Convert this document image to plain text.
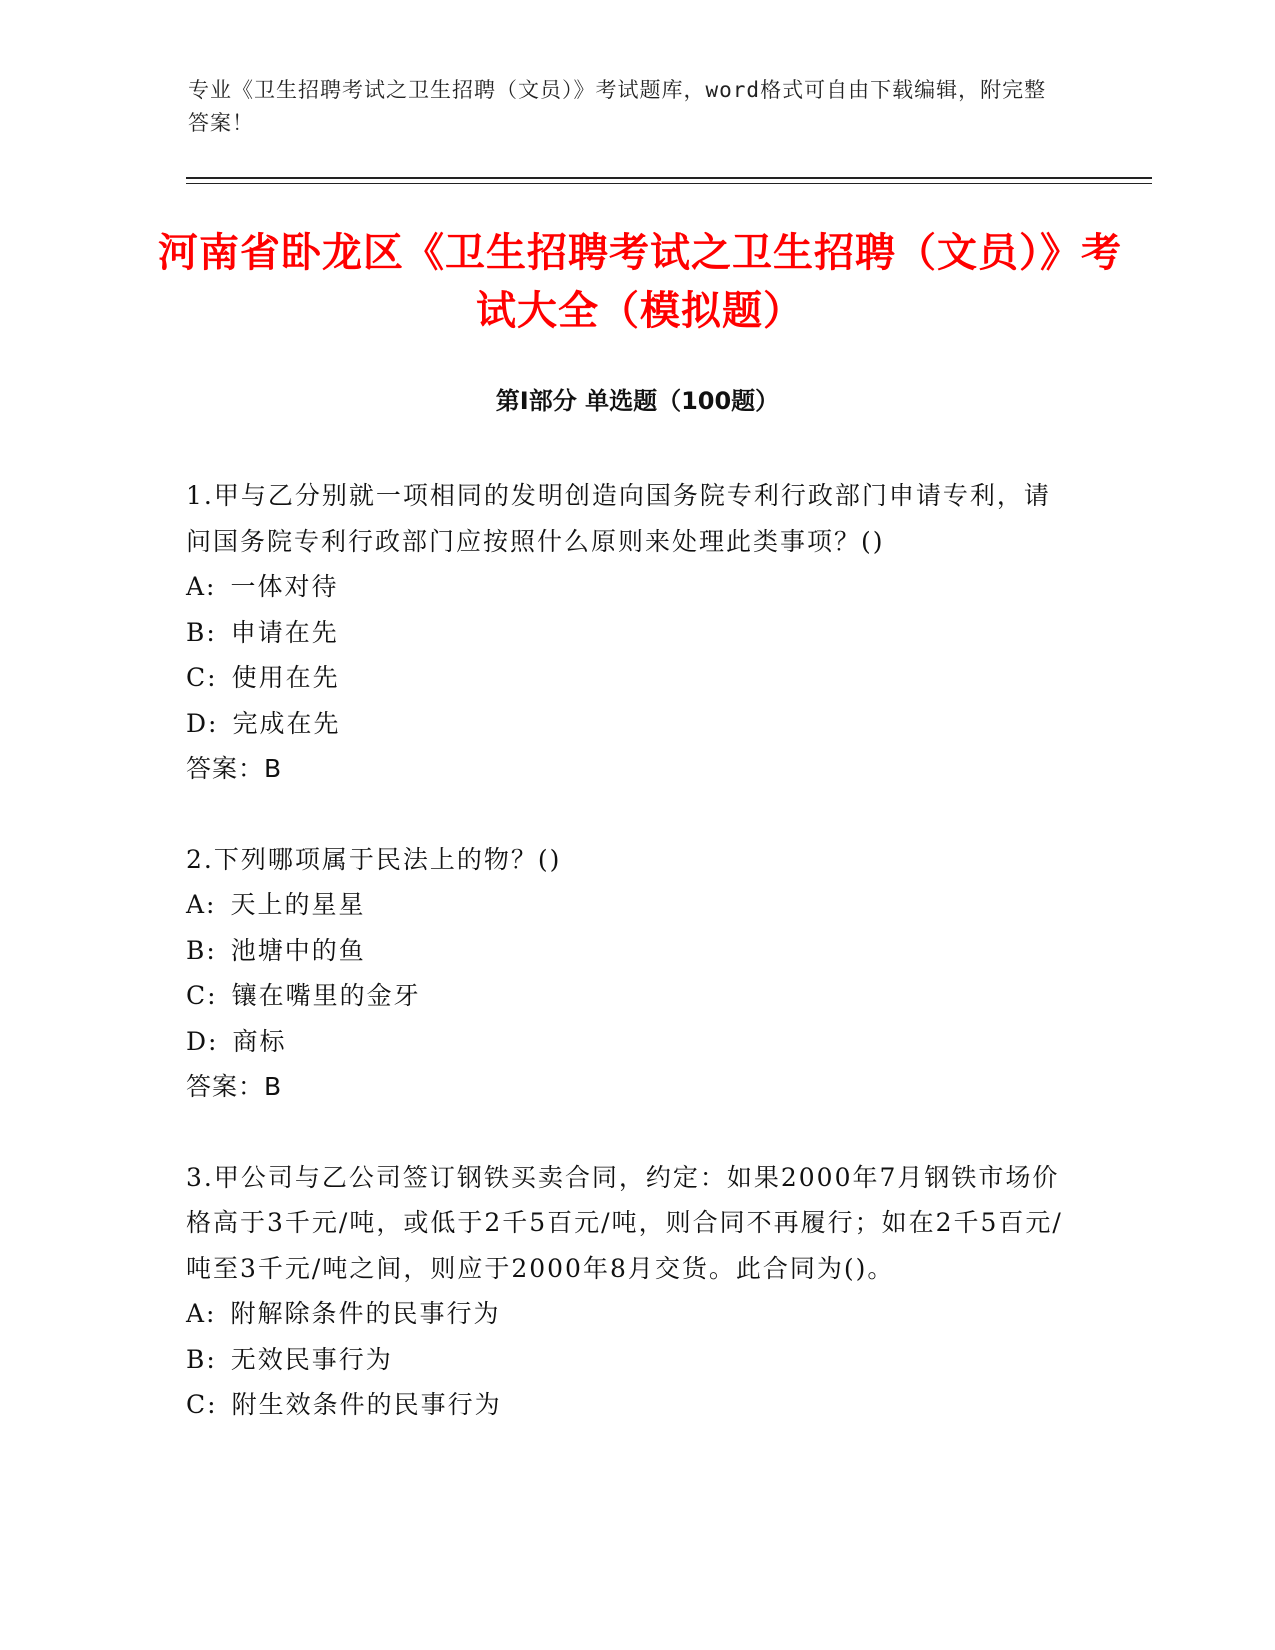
专业《卫生招聘考试之卫生招聘（文员）》考试题库，word格式可自由下载编辑，附完整答案！
河南省卧龙区《卫生招聘考试之卫生招聘（文员）》考试大全（模拟题）
第I部分 单选题（100题）

1.甲与乙分别就一项相同的发明创造向国务院专利行政部门申请专利，请问国务院专利行政部门应按照什么原则来处理此类事项？()

A: 一体对待

B: 申请在先

C: 使用在先

D: 完成在先

答案：B

2.下列哪项属于民法上的物？()

A: 天上的星星

B: 池塘中的鱼

C: 镶在嘴里的金牙

D: 商标

答案：B

3.甲公司与乙公司签订钢铁买卖合同，约定：如果2000年7月钢铁市场价格高于3千元/吨，或低于2千5百元/吨，则合同不再履行；如在2千5百元/吨至3千元/吨之间，则应于2000年8月交货。此合同为()。

A: 附解除条件的民事行为

B: 无效民事行为

C: 附生效条件的民事行为
